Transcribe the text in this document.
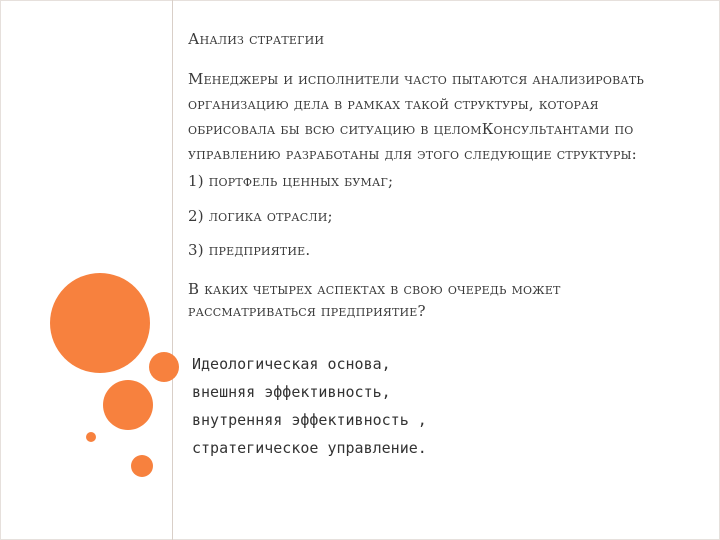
Анализ стратегии

Менеджеры и исполнители часто пытаются анализировать

организацию дела в рамках такой структуры, которая

обрисовала бы всю ситуацию в целомКонсультантами по

управлению разработаны для этого следующие структуры:

1) портфель ценных бумаг;

2) логика отрасли;

3) предприятие.

В каких четырех аспектах в свою очередь может

рассматриваться предприятие?

Идеологическая основа,
внешняя эффективность,
внутренняя эффективность ,
стратегическое управление.
